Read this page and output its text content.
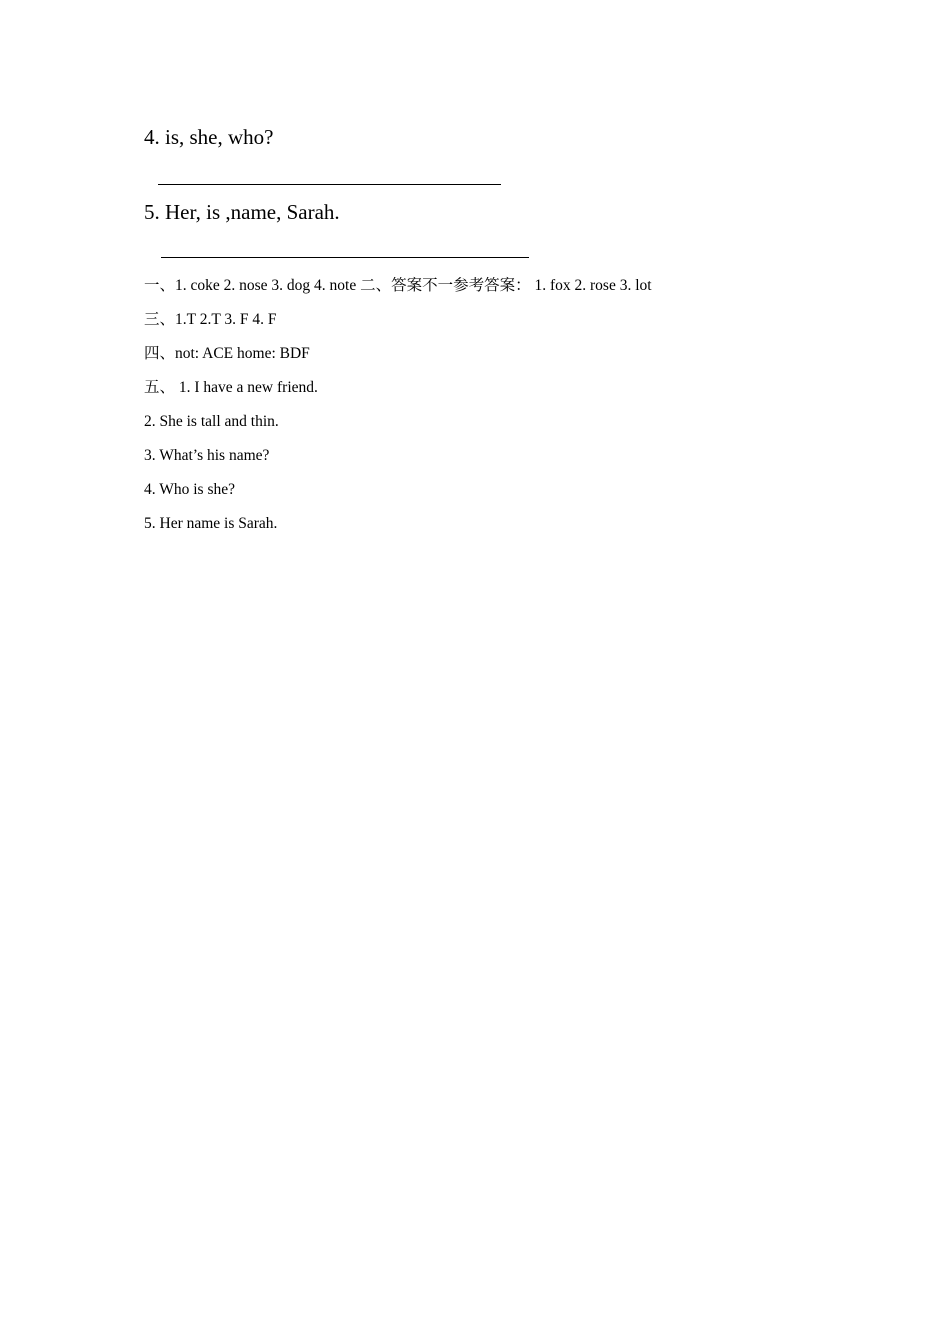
4. is, she, who?
5. Her, is ,name, Sarah.
一、1. coke 2. nose 3. dog 4. note 二、答案不一参考答案： 1. fox 2. rose 3. lot
三、1.T 2.T 3. F 4. F
四、not: ACE home: BDF
五、 1. I have a new friend.
2. She is tall and thin.
3. What’s his name?
4. Who is she?
5. Her name is Sarah.
